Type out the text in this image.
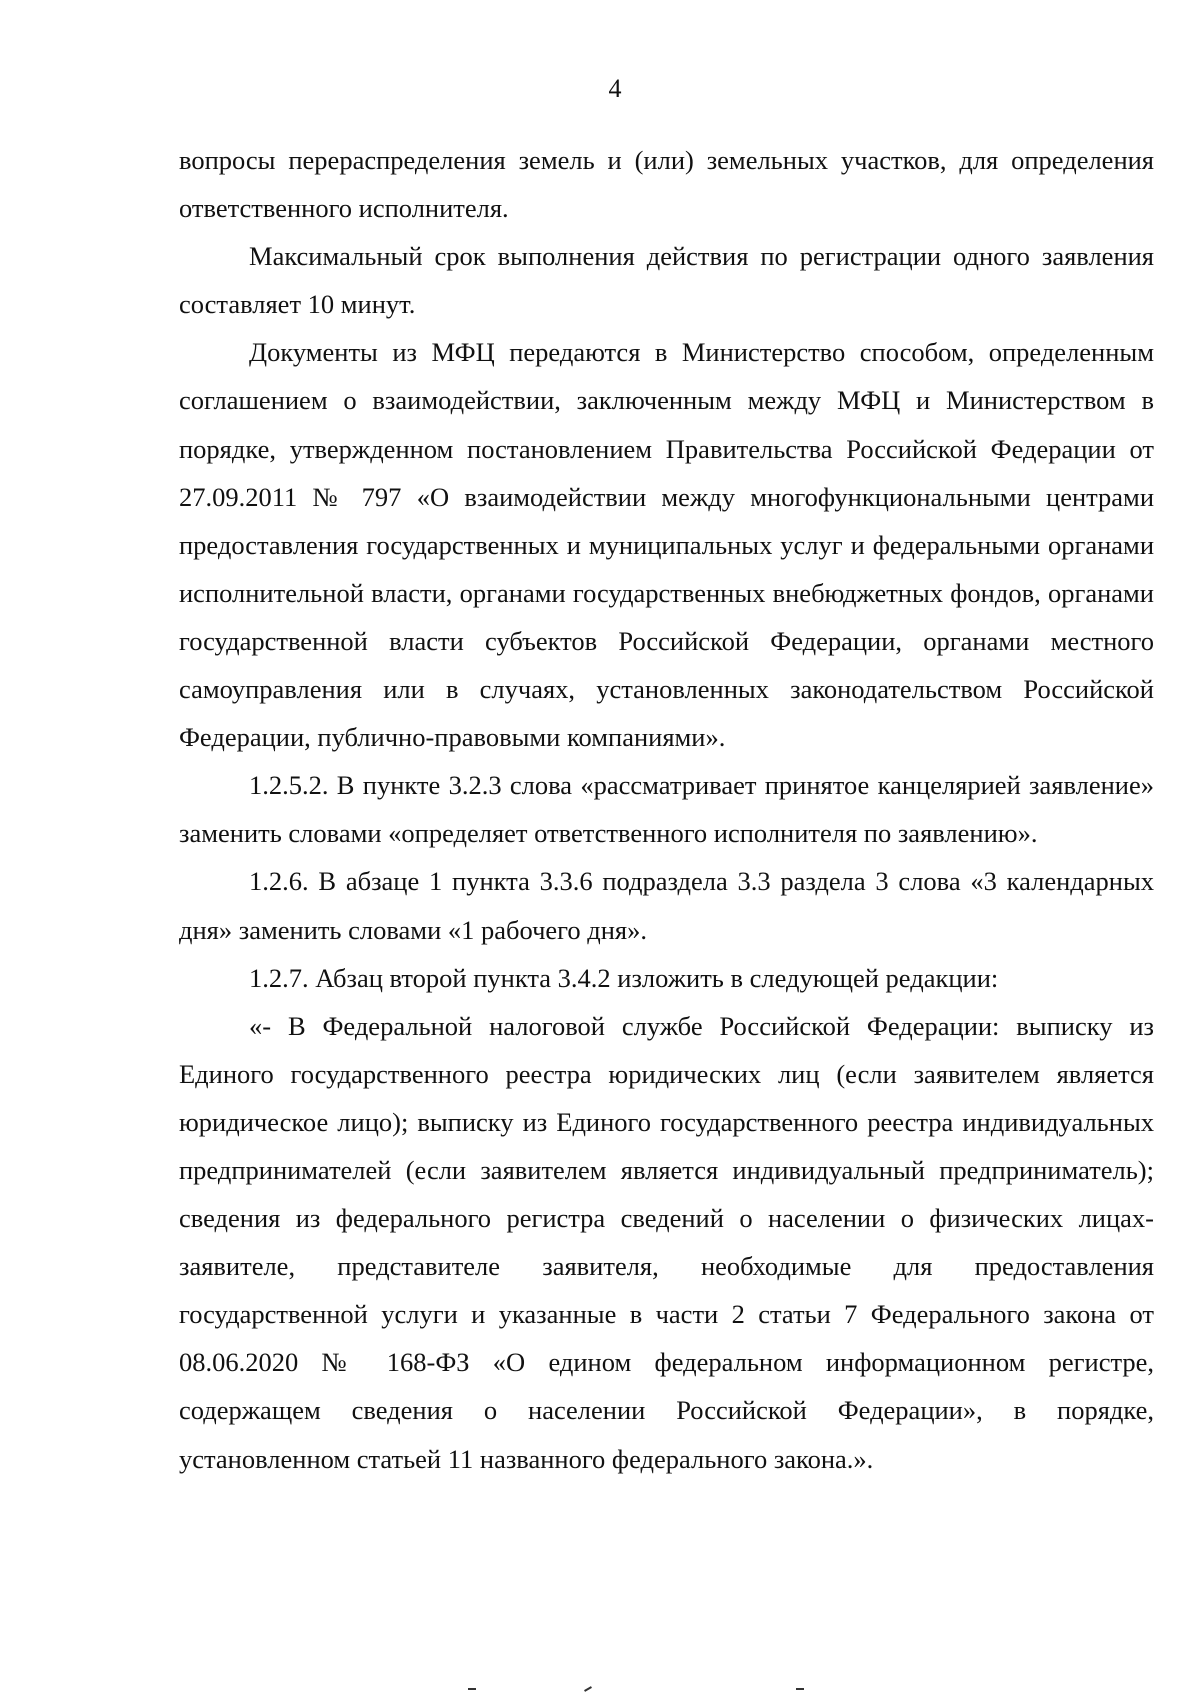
4

вопросы перераспределения земель и (или) земельных участков, для определения ответственного исполнителя.

Максимальный срок выполнения действия по регистрации одного заявления составляет 10 минут.

Документы из МФЦ передаются в Министерство способом, определенным соглашением о взаимодействии, заключенным между МФЦ и Министерством в порядке, утвержденном постановлением Правительства Российской Федерации от 27.09.2011 № 797 «О взаимодействии между многофункциональными центрами предоставления государственных и муниципальных услуг и федеральными органами исполнительной власти, органами государственных внебюджетных фондов, органами государственной власти субъектов Российской Федерации, органами местного самоуправления или в случаях, установленных законодательством Российской Федерации, публично-правовыми компаниями».

1.2.5.2. В пункте 3.2.3 слова «рассматривает принятое канцелярией заявление» заменить словами «определяет ответственного исполнителя по заявлению».

1.2.6. В абзаце 1 пункта 3.3.6 подраздела 3.3 раздела 3 слова «3 календарных дня» заменить словами «1 рабочего дня».

1.2.7. Абзац второй пункта 3.4.2 изложить в следующей редакции:

«- В Федеральной налоговой службе Российской Федерации: выписку из Единого государственного реестра юридических лиц (если заявителем является юридическое лицо); выписку из Единого государственного реестра индивидуальных предпринимателей (если заявителем является индивидуальный предприниматель); сведения из федерального регистра сведений о населении о физических лицах- заявителе, представителе заявителя, необходимые для предоставления государственной услуги и указанные в части 2 статьи 7 Федерального закона от 08.06.2020 № 168-ФЗ «О едином федеральном информационном регистре, содержащем сведения о населении Российской Федерации», в порядке, установленном статьей 11 названного федерального закона.».
